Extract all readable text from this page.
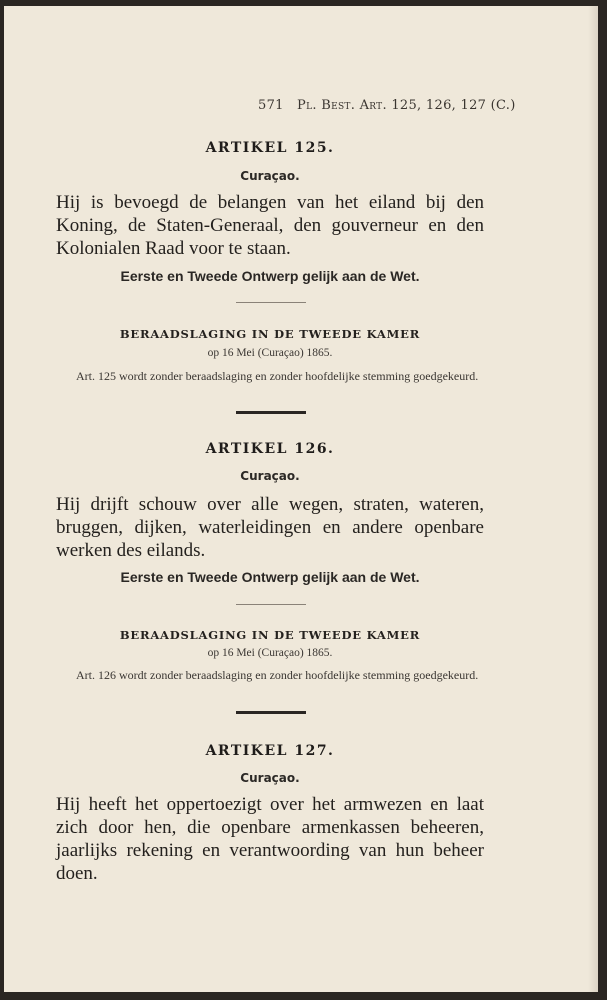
571 Pl. Best. Art. 125, 126, 127 (C.)
ARTIKEL 125.
Curaçao.
Hij is bevoegd de belangen van het eiland bij den Koning, de Staten-Generaal, den gouverneur en den Kolonialen Raad voor te staan.
Eerste en Tweede Ontwerp gelijk aan de Wet.
BERAADSLAGING IN DE TWEEDE KAMER
op 16 Mei (Curaçao) 1865.
Art. 125 wordt zonder beraadslaging en zonder hoofdelijke stemming goedgekeurd.
ARTIKEL 126.
Curaçao.
Hij drijft schouw over alle wegen, straten, wateren, bruggen, dijken, waterleidingen en andere openbare werken des eilands.
Eerste en Tweede Ontwerp gelijk aan de Wet.
BERAADSLAGING IN DE TWEEDE KAMER
op 16 Mei (Curaçao) 1865.
Art. 126 wordt zonder beraadslaging en zonder hoofdelijke stemming goedgekeurd.
ARTIKEL 127.
Curaçao.
Hij heeft het oppertoezigt over het armwezen en laat zich door hen, die openbare armenkassen beheeren, jaarlijks rekening en verantwoording van hun beheer doen.
